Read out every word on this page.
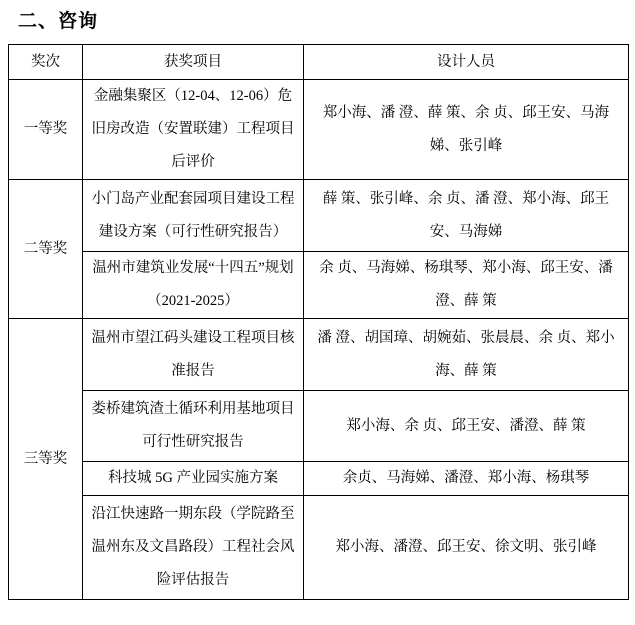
二、咨询
奖次	获奖项目	设计人员
一等奖	金融集聚区（12-04、12-06）危旧房改造（安置联建）工程项目后评价	郑小海、潘 澄、薛 策、余 贞、邱王安、马海娣、张引峰
二等奖	小门岛产业配套园项目建设工程建设方案（可行性研究报告）	薛 策、张引峰、余 贞、潘 澄、郑小海、邱王安、马海娣
	温州市建筑业发展“十四五”规划（2021-2025）	余 贞、马海娣、杨琪琴、郑小海、邱王安、潘 澄、薛 策
三等奖	温州市望江码头建设工程项目核准报告	潘 澄、胡国璋、胡婉茹、张晨晨、余 贞、郑小海、薛 策
	娄桥建筑渣土循环利用基地项目可行性研究报告	郑小海、余 贞、邱王安、潘澄、薛 策
	科技城 5G 产业园实施方案	余贞、马海娣、潘澄、郑小海、杨琪琴
	沿江快速路一期东段（学院路至温州东及文昌路段）工程社会风险评估报告	郑小海、潘澄、邱王安、徐文明、张引峰
